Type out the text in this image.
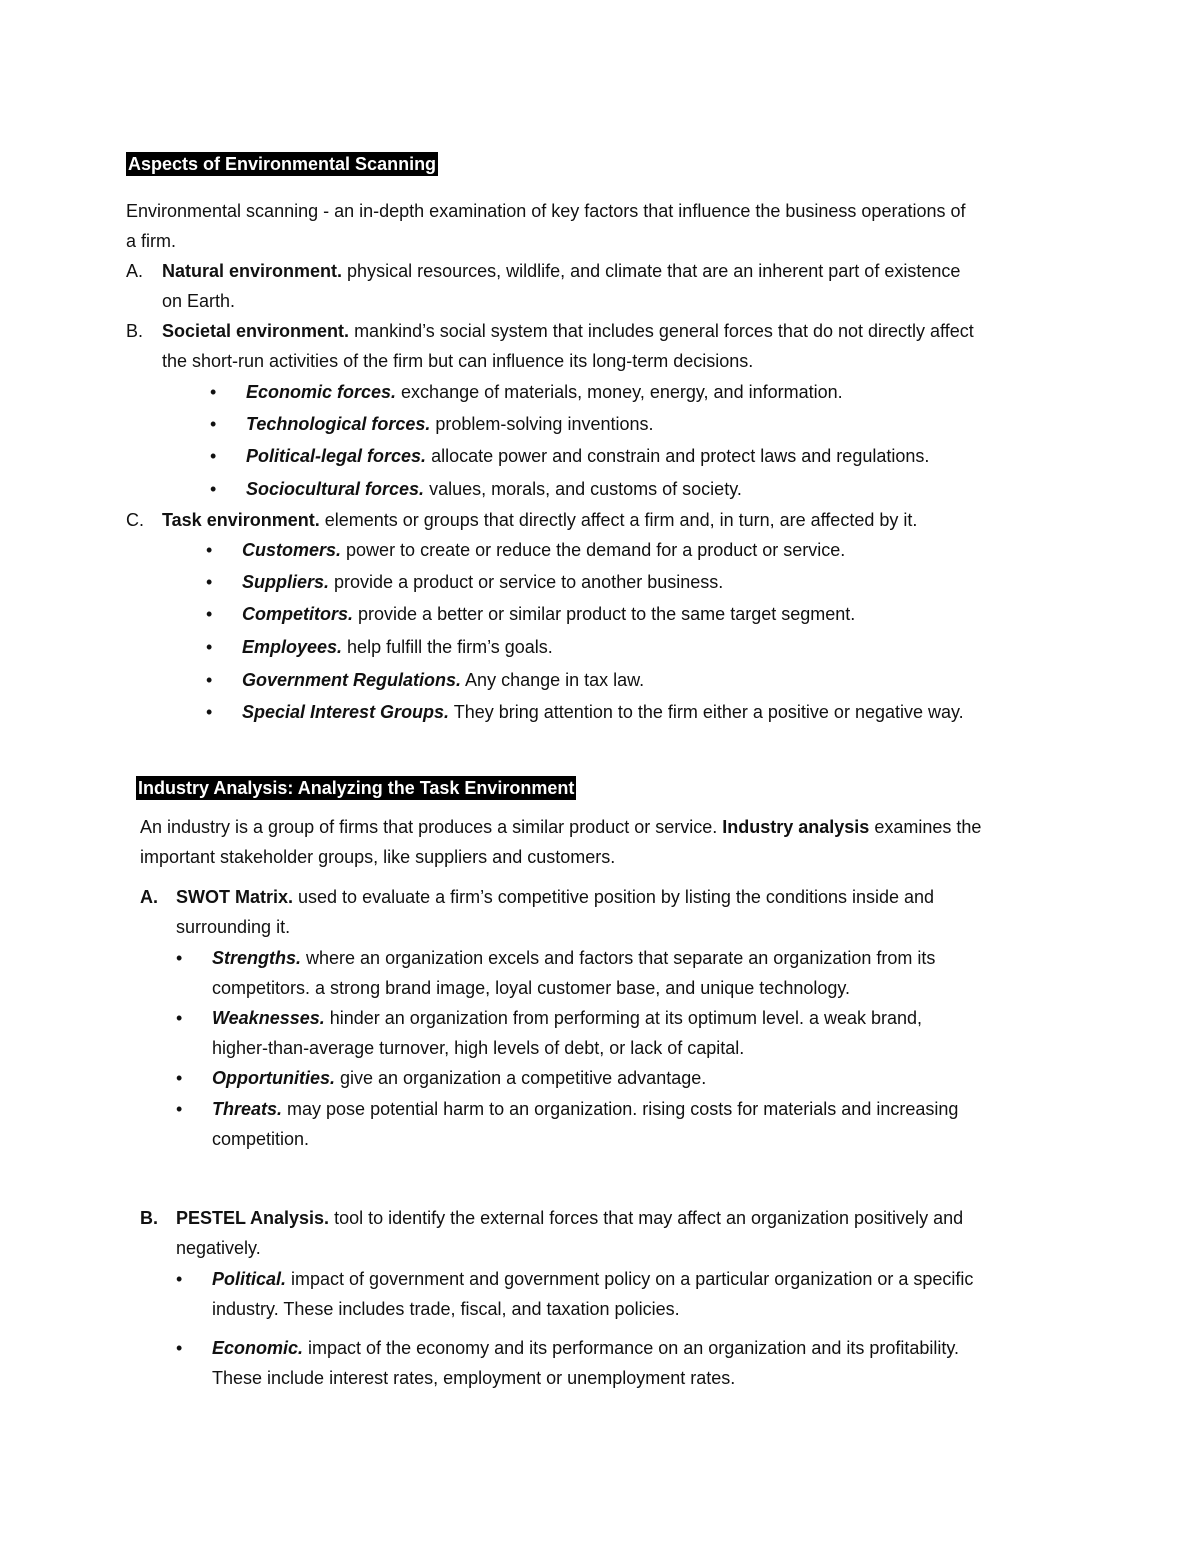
Aspects of Environmental Scanning
Environmental scanning - an in-depth examination of key factors that influence the business operations of
a firm.
A. Natural environment. physical resources, wildlife, and climate that are an inherent part of existence
on Earth.
B. Societal environment. mankind’s social system that includes general forces that do not directly affect
the short-run activities of the firm but can influence its long-term decisions.
• Economic forces. exchange of materials, money, energy, and information.
• Technological forces. problem-solving inventions.
• Political-legal forces. allocate power and constrain and protect laws and regulations.
• Sociocultural forces. values, morals, and customs of society.
C. Task environment. elements or groups that directly affect a firm and, in turn, are affected by it.
• Customers. power to create or reduce the demand for a product or service.
• Suppliers. provide a product or service to another business.
• Competitors. provide a better or similar product to the same target segment.
• Employees. help fulfill the firm’s goals.
• Government Regulations. Any change in tax law.
• Special Interest Groups. They bring attention to the firm either a positive or negative way.
Industry Analysis: Analyzing the Task Environment
An industry is a group of firms that produces a similar product or service. Industry analysis examines the
important stakeholder groups, like suppliers and customers.
A. SWOT Matrix. used to evaluate a firm’s competitive position by listing the conditions inside and
surrounding it.
• Strengths. where an organization excels and factors that separate an organization from its
competitors. a strong brand image, loyal customer base, and unique technology.
• Weaknesses. hinder an organization from performing at its optimum level. a weak brand,
higher-than-average turnover, high levels of debt, or lack of capital.
• Opportunities. give an organization a competitive advantage.
• Threats. may pose potential harm to an organization. rising costs for materials and increasing
competition.
B. PESTEL Analysis. tool to identify the external forces that may affect an organization positively and
negatively.
• Political. impact of government and government policy on a particular organization or a specific
industry. These includes trade, fiscal, and taxation policies.
• Economic. impact of the economy and its performance on an organization and its profitability.
These include interest rates, employment or unemployment rates.
